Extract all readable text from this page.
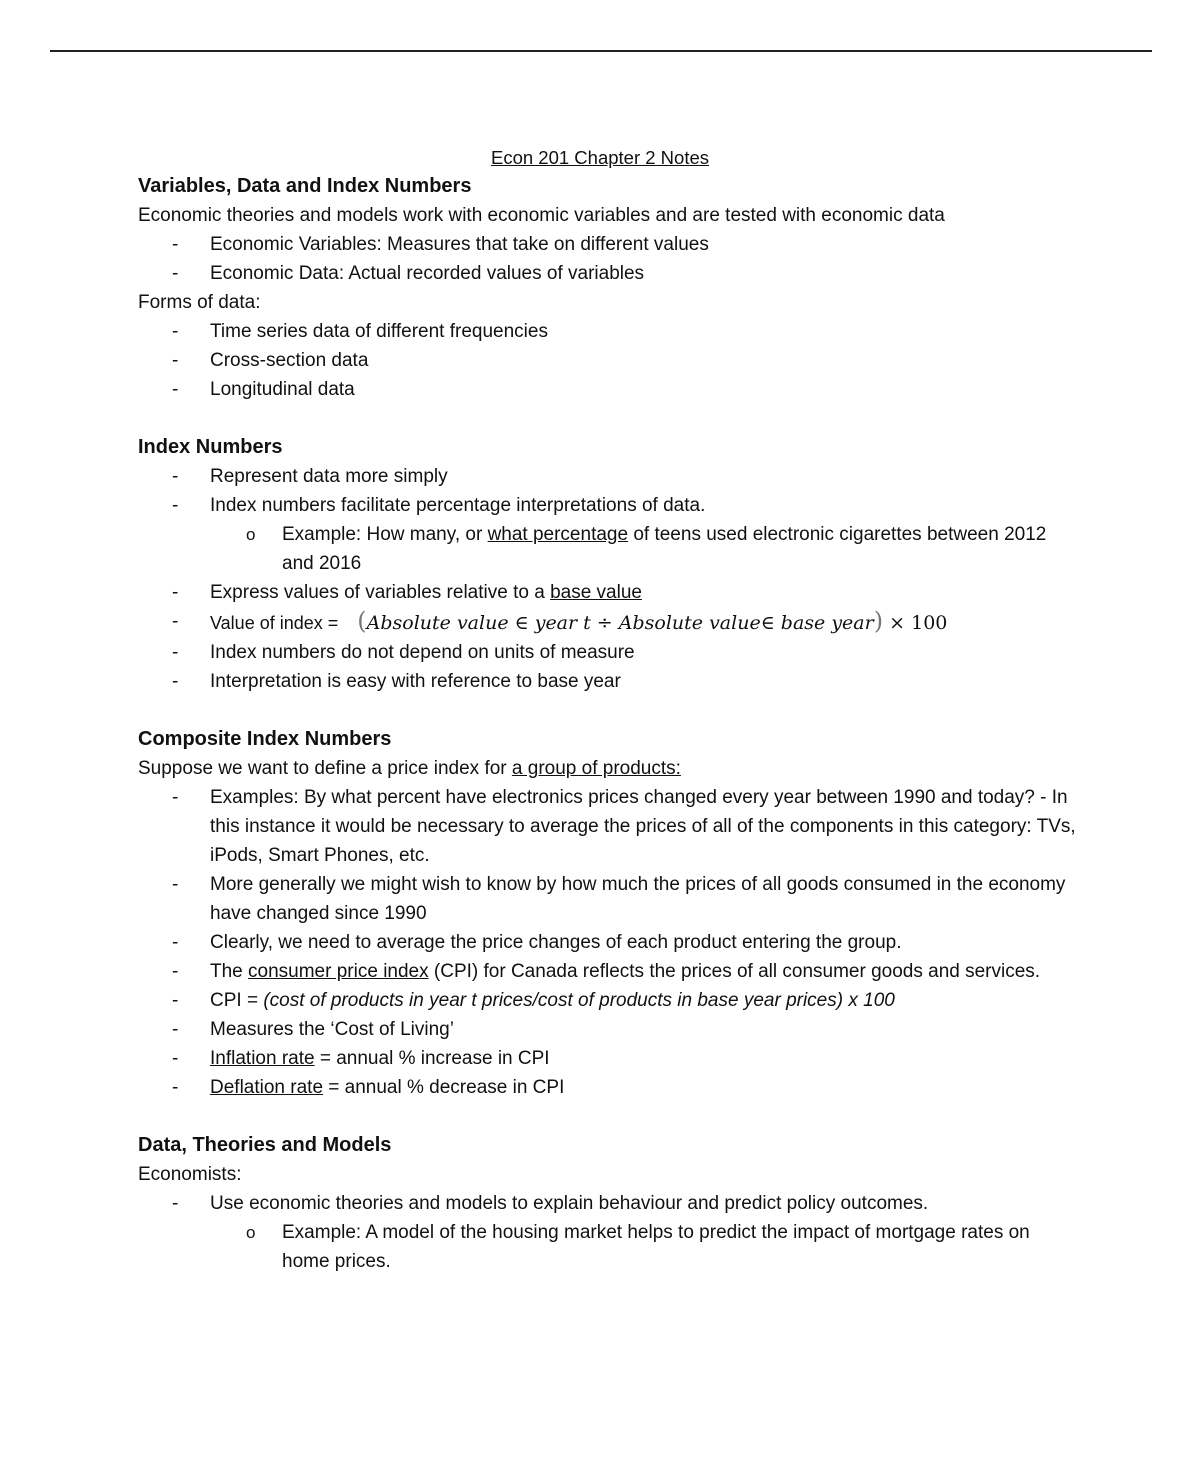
Econ 201 Chapter 2 Notes
Variables, Data and Index Numbers

Economic theories and models work with economic variables and are tested with economic data

- Economic Variables: Measures that take on different values
- Economic Data: Actual recorded values of variables

Forms of data:

- Time series data of different frequencies
- Cross-section data
- Longitudinal data
Index Numbers
- Represent data more simply
- Index numbers facilitate percentage interpretations of data.
o Example: How many, or what percentage of teens used electronic cigarettes between 2012 and 2016
- Express values of variables relative to a base value
- Value of index = (Absolute value ∈ year t ÷ Absolute value∈ base year) × 100
- Index numbers do not depend on units of measure
- Interpretation is easy with reference to base year
Composite Index Numbers

Suppose we want to define a price index for a group of products:

- Examples: By what percent have electronics prices changed every year between 1990 and today? - In this instance it would be necessary to average the prices of all of the components in this category: TVs, iPods, Smart Phones, etc.
- More generally we might wish to know by how much the prices of all goods consumed in the economy have changed since 1990
- Clearly, we need to average the price changes of each product entering the group.
- The consumer price index (CPI) for Canada reflects the prices of all consumer goods and services.
- CPI = (cost of products in year t prices/cost of products in base year prices) x 100
- Measures the ‘Cost of Living’
- Inflation rate = annual % increase in CPI
- Deflation rate = annual % decrease in CPI
Data, Theories and Models

Economists:

- Use economic theories and models to explain behaviour and predict policy outcomes.
o Example: A model of the housing market helps to predict the impact of mortgage rates on home prices.
